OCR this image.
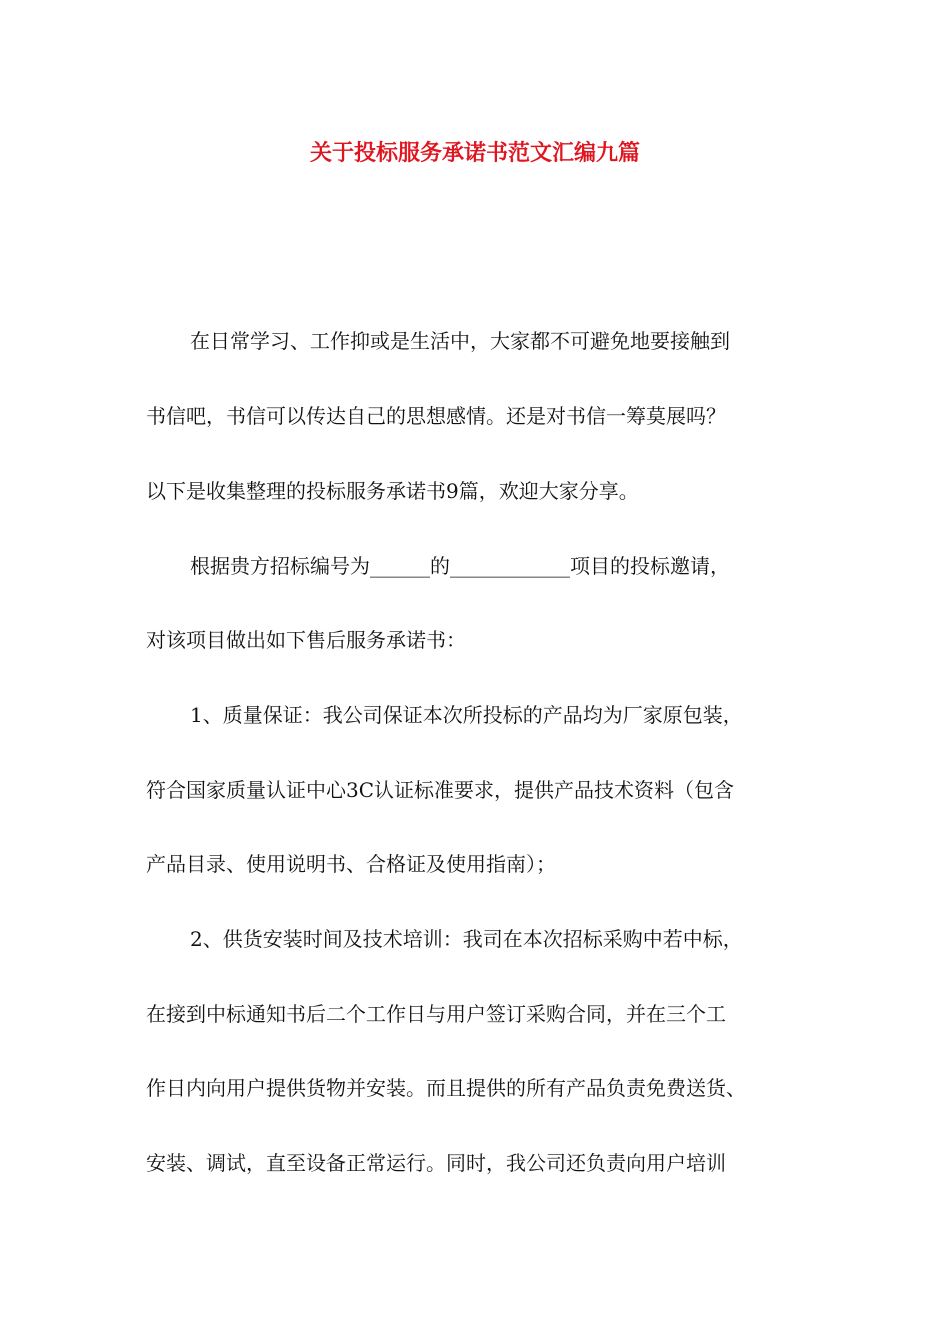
关于投标服务承诺书范文汇编九篇
在日常学习、工作抑或是生活中，大家都不可避免地要接触到
书信吧，书信可以传达自己的思想感情。还是对书信一筹莫展吗？
以下是收集整理的投标服务承诺书9篇，欢迎大家分享。
根据贵方招标编号为______的____________项目的投标邀请，
对该项目做出如下售后服务承诺书：
1、质量保证：我公司保证本次所投标的产品均为厂家原包装，
符合国家质量认证中心3C认证标准要求，提供产品技术资料（包含
产品目录、使用说明书、合格证及使用指南）；
2、供货安装时间及技术培训：我司在本次招标采购中若中标，
在接到中标通知书后二个工作日与用户签订采购合同，并在三个工
作日内向用户提供货物并安装。而且提供的所有产品负责免费送货、
安装、调试，直至设备正常运行。同时，我公司还负责向用户培训
